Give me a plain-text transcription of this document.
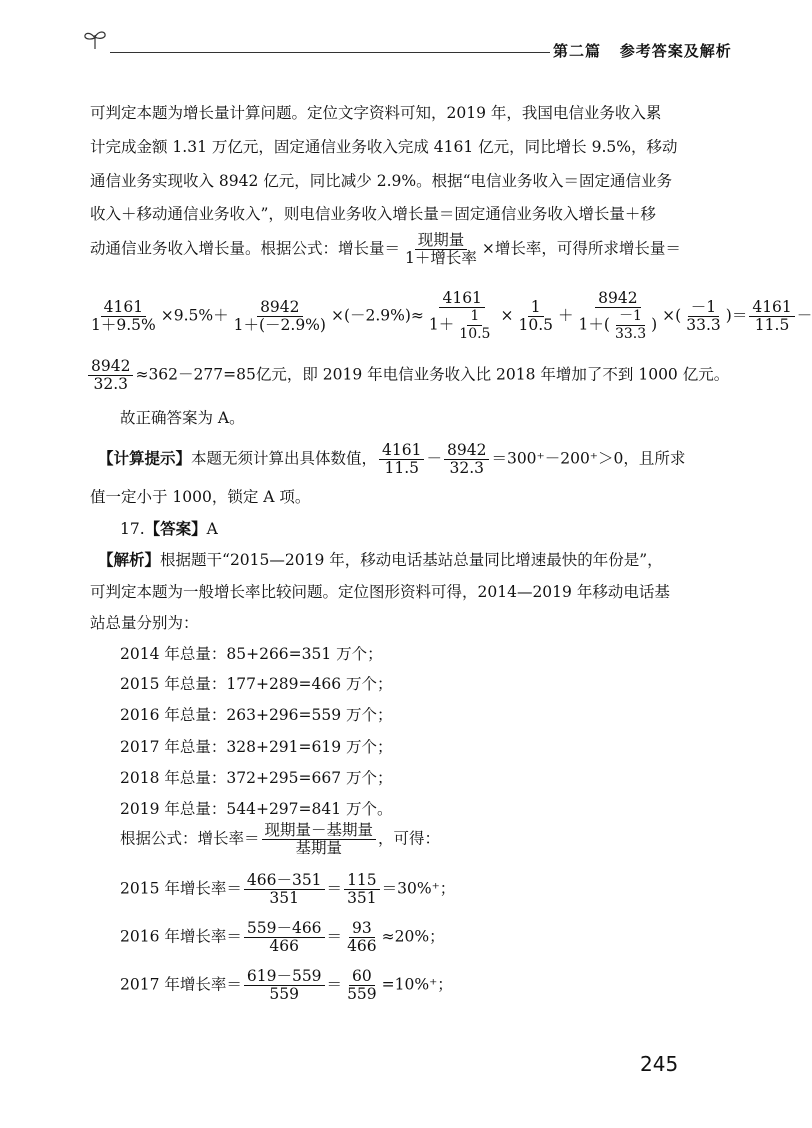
第二篇 参考答案及解析
可判定本题为增长量计算问题。定位文字资料可知，2019 年，我国电信业务收入累
计完成金额 1.31 万亿元，固定通信业务收入完成 4161 亿元，同比增长 9.5%，移动
通信业务实现收入 8942 亿元，同比减少 2.9%。根据“电信业务收入＝固定通信业务
收入＋移动通信业务收入”，则电信业务收入增长量＝固定通信业务收入增长量＋移
动通信业务收入增长量。根据公式：增长量＝ $\frac{\text{现期量}}{\text{1＋增长率}}$ ×增长率，可得所求增长量＝
$\frac{4161}{1+9.5\%} \times 9.5\%+ \frac{8942}{1+(-2.9\%)} \times(-2.9\%)\approx \frac{4161}{1+ \frac{1}{10.5}} \times \frac{1}{10.5} + \frac{8942}{1+( \frac{-1}{33.3} )}$ ×( $\frac{-1}{33.3}$ )＝ $\frac{4161}{11.5}$ －
$\frac{8942}{32.3} \approx 362-277=85$亿元，即 2019 年电信业务收入比 2018 年增加了不到 1000 亿元。
故正确答案为 A。
【计算提示】本题无须计算出具体数值， $\frac{4161}{11.5} - \frac{8942}{32.3} =300^+-200^+>0$，且所求
值一定小于 1000，锁定 A 项。
17.【答案】A
【解析】根据题干“2015—2019 年，移动电话基站总量同比增速最快的年份是”，
可判定本题为一般增长率比较问题。定位图形资料可得，2014—2019 年移动电话基
站总量分别为：
2014 年总量：85+266=351 万个；
2015 年总量：177+289=466 万个；
2016 年总量：263+296=559 万个；
2017 年总量：328+291=619 万个；
2018 年总量：372+295=667 万个；
2019 年总量：544+297=841 万个。
根据公式：增长率＝ $\frac{\text{现期量－基期量}}{\text{基期量}}$ ，可得：
2015 年增长率＝ $\frac{466-351}{351} = \frac{115}{351} =30\%^+$；
2016 年增长率＝ $\frac{559-466}{466} = \frac{93}{466} \approx 20\%$；
2017 年增长率＝ $\frac{619-559}{559} = \frac{60}{559} =10\%^+$；
245
